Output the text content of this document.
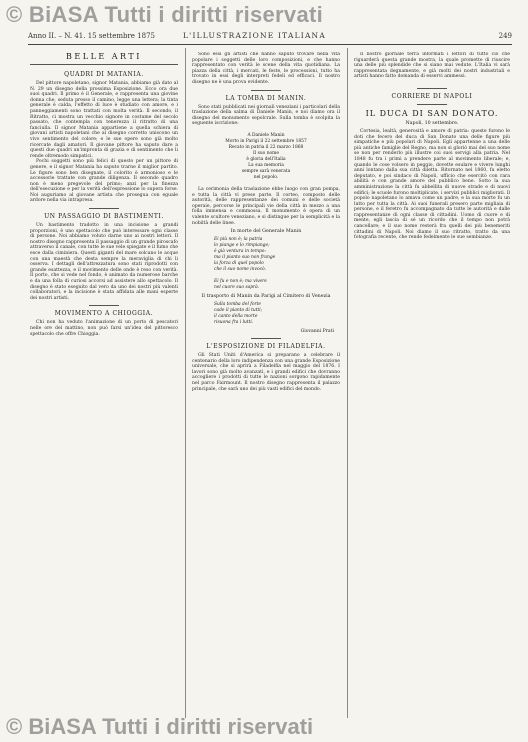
© BiASA Tutti i diritti riservati
Anno II. – N. 41. 15 settembre 1875	L'ILLUSTRAZIONE ITALIANA	249
BELLE ARTI
QUADRI DI MATANIA.

Del pittore napoletano, signor Matania, abbiamo già dato al N. 29 un disegno della prossima Esposizione. Ecco ora due suoi quadri. Il primo è il Generale, e rappresenta una giovine donna che, seduta presso il camino, legge una lettera; la tinta generale è calda, l'effetto di luce è studiato con amore, e i panneggiamenti sono trattati con molta verità. Il secondo, il Ritratto, ci mostra un vecchio signore in costume del secolo passato, che contempla con tenerezza il ritratto di una fanciulla. Il signor Matania appartiene a quella schiera di giovani artisti napoletani che al disegno corretto uniscono un vivo sentimento del colore; e le sue opere sono già molto ricercate dagli amatori. Il giovane pittore ha saputo dare a questi due quadri un'impronta di grazia e di sentimento che li rende oltremodo simpatici.

Pochi soggetti sono più felici di questo per un pittore di genere, e il signor Matania ha saputo trarne il miglior partito. Le figure sono ben disegnate, il colorito è armonioso e le accessorie trattate con grande diligenza. Il secondo quadro non è meno pregevole del primo; anzi per la finezza dell'esecuzione e per la verità dell'espressione lo supera forse. Noi auguriamo al giovane artista che prosegua con eguale ardore nella via intrapresa.

UN PASSAGGIO DI BASTIMENTI.

Un bastimento tradotto in una incisione a grandi proporzioni, è uno spettacolo che può interessare ogni classe di persone. Noi abbiamo voluto darne uno ai nostri lettori. Il nostro disegno rappresenta il passaggio di un grande piroscafo attraverso il canale, con tutte le sue vele spiegate e il fumo che esce dalla ciminiera. Questi giganti del mare solcano le acque con una maestà che desta sempre la meraviglia di chi li osserva. I dettagli dell'attrezzatura sono stati riprodotti con grande esattezza, e il movimento delle onde è reso con verità. Il porto, che si vede nel fondo, è animato da numerose barche e da una folla di curiosi accorsi ad assistere allo spettacolo. Il disegno è stato eseguito dal vero da uno dei nostri più valenti collaboratori, e la incisione è stata affidata alle mani esperte dei nostri artisti.

MOVIMENTO A CHIOGGIA.

Chi non ha veduto l'animazione di un porto di pescatori nelle ore del mattino, non può farsi un'idea del pittoresco spettacolo che offre Chioggia.

Sono essi gli artisti che hanno saputo trovare nella vita popolare i soggetti delle loro composizioni, e che hanno rappresentato con verità le scene della vita quotidiana. La piazza della città, i mercati, le feste, le processioni, tutto ha trovato in essi degli interpreti fedeli ed efficaci. Il nostro disegno ne è una prova evidente.

LA TOMBA DI MANIN.

Sono stati pubblicati nei giornali veneziani i particolari della traslazione della salma di Daniele Manin, e noi diamo ora il disegno del monumento sepolcrale. Sulla tomba è scolpita la seguente iscrizione:

A Daniele Manin
Morto in Parigi il 22 settembre 1857
Recato in patria il 22 marzo 1868
Il suo nome
è gloria dell'Italia
La sua memoria
sempre sarà venerata
nel popolo.

La cerimonia della traslazione ebbe luogo con gran pompa, e tutta la città vi prese parte. Il corteo, composto delle autorità, delle rappresentanze dei comuni e delle società operaie, percorse le principali vie della città in mezzo a una folla immensa e commossa. Il monumento è opera di un valente scultore veneziano, e si distingue per la semplicità e la nobiltà delle linee.

In morte del Generale Manin
Ei più non è; la patria
lo piange e lo rimpiange;
è già ventura in tempo:
ma il pianto suo non frange
la forza di quel popolo
che il suo nome invocò.

Ei fu e non è; ma vivere
nel cuore suo saprà.
Il trasporto di Manin da Parigi al Cimitero di Venezia
Sulla tomba del forte
cade il pianto di tutti;
il canto della morte
risuona fra i lutti.
Giovanni Prati
L'ESPOSIZIONE DI FILADELFIA.

Gli Stati Uniti d'America si preparano a celebrare il centenario della loro indipendenza con una grande Esposizione universale, che si aprirà a Filadelfia nel maggio del 1876. I lavori sono già molto avanzati, e i grandi edifici che dovranno accogliere i prodotti di tutte le nazioni sorgono rapidamente nel parco Fairmount. Il nostro disegno rappresenta il palazzo principale, che sarà uno dei più vasti edifici del mondo.

Il nostro giornale terrà informati i lettori di tutto ciò che riguarderà questa grande mostra, la quale promette di riuscire una delle più splendide che si siano mai vedute. L'Italia vi sarà rappresentata degnamente, e già molti dei nostri industriali e artisti hanno fatto domanda di esservi ammessi.

CORRIERE DI NAPOLI
IL DUCA DI SAN DONATO.
Napoli, 10 settembre.

Cortesia, lealtà, generosità e amore di patria: queste furono le doti che fecero del duca di San Donato una delle figure più simpatiche e più popolari di Napoli. Egli appartenne a una delle più antiche famiglie del Regno, ma non si gloriò mai del suo nome se non per renderlo più illustre coi suoi servigi alla patria. Nel 1848 fu tra i primi a prendere parte al movimento liberale; e, quando le cose volsero in peggio, dovette esulare e vivere lunghi anni lontano dalla sua città diletta. Ritornato nel 1860, fu eletto deputato, e poi sindaco di Napoli, ufficio che esercitò con rara abilità e con grande amore del pubblico bene. Sotto la sua amministrazione la città fu abbellita di nuove strade e di nuovi edifici; le scuole furono moltiplicate, i servizi pubblici migliorati. Il popolo napoletano lo amava come un padre, e la sua morte fu un lutto per tutta la città. Ai suoi funerali presero parte migliaia di persone, e il feretro fu accompagnato da tutte le autorità e dalle rappresentanze di ogni classe di cittadini. Uomo di cuore e di mente, egli lascia di sé un ricordo che il tempo non potrà cancellare; e il suo nome resterà fra quelli dei più benemeriti cittadini di Napoli. Noi diamo il suo ritratto, tratto da una fotografia recente, che rende fedelmente le sue sembianze.

© BiASA Tutti i diritti riservati
